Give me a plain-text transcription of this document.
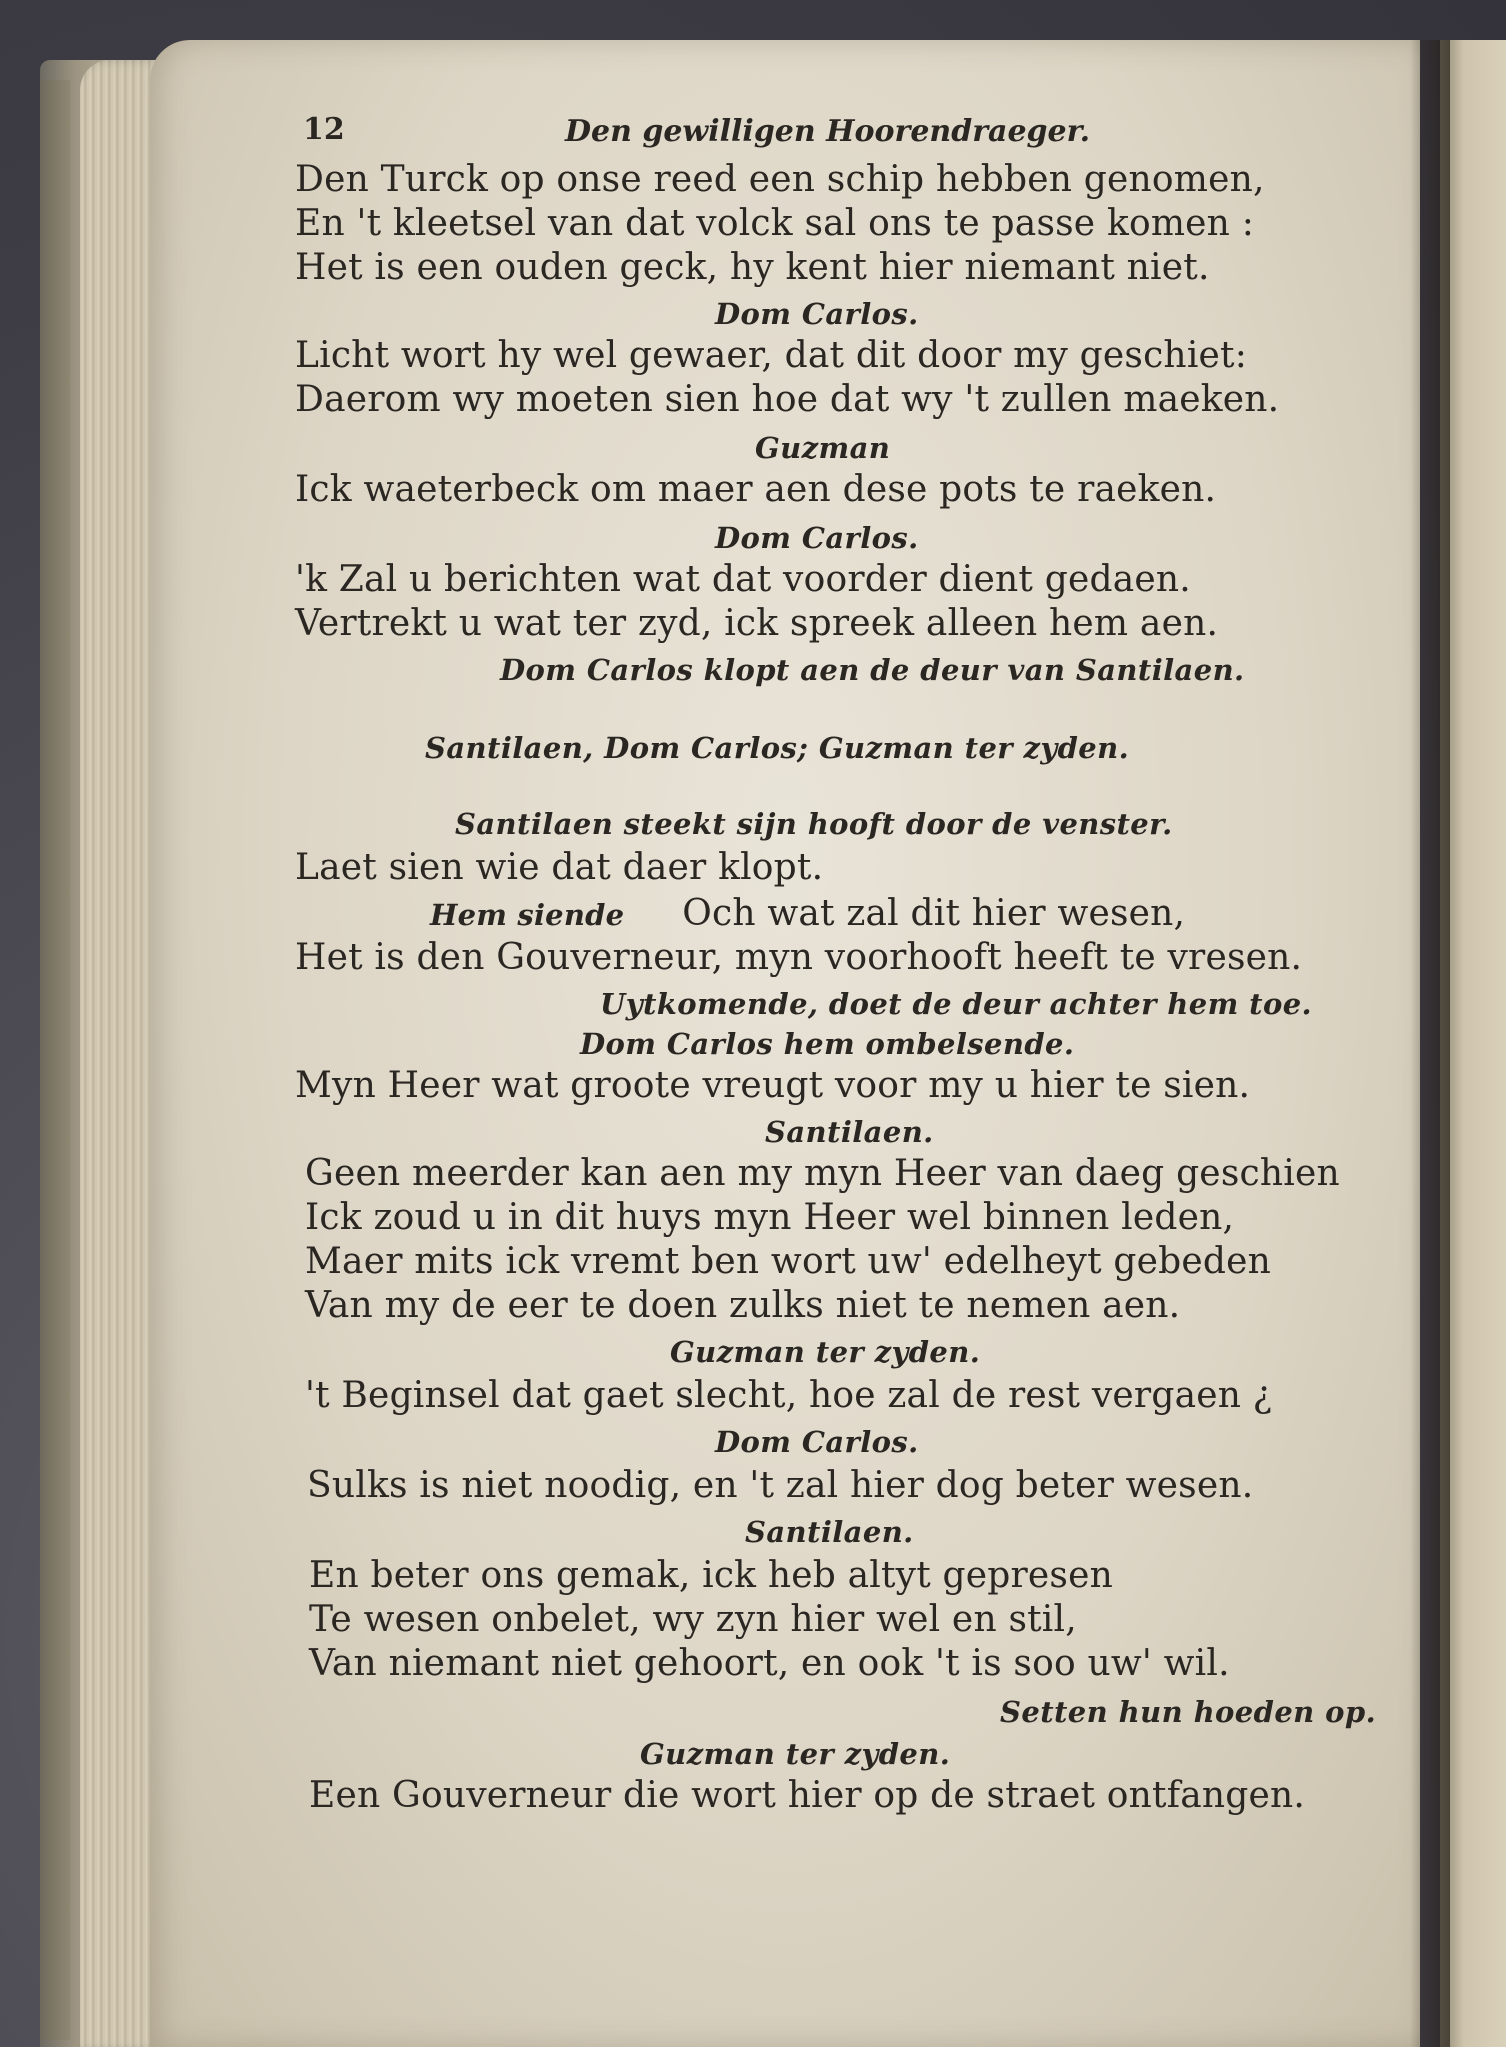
12	Den gewilligen Hoorendraeger.
Den Turck op onse reed een schip hebben genomen,
En 't kleetsel van dat volck sal ons te passe komen :
Het is een ouden geck, hy kent hier niemant niet.
Dom Carlos.
Licht wort hy wel gewaer, dat dit door my geschiet:
Daerom wy moeten sien hoe dat wy 't zullen maeken.
Guzman
Ick waeterbeck om maer aen dese pots te raeken.
Dom Carlos.
'k Zal u berichten wat dat voorder dient gedaen.
Vertrekt u wat ter zyd, ick spreek alleen hem aen.
Dom Carlos klopt aen de deur van Santilaen.
Santilaen, Dom Carlos; Guzman ter zyden.
Santilaen steekt sijn hooft door de venster.
Laet sien wie dat daer klopt.
Hem siende Och wat zal dit hier wesen,
Het is den Gouverneur, myn voorhooft heeft te vresen.
Uytkomende, doet de deur achter hem toe.
Dom Carlos hem ombelsende.
Myn Heer wat groote vreugt voor my u hier te sien.
Santilaen.
Geen meerder kan aen my myn Heer van daeg geschien
Ick zoud u in dit huys myn Heer wel binnen leden,
Maer mits ick vremt ben wort uw' edelheyt gebeden
Van my de eer te doen zulks niet te nemen aen.
Guzman ter zyden.
't Beginsel dat gaet slecht, hoe zal de rest vergaen ¿
Dom Carlos.
Sulks is niet noodig, en 't zal hier dog beter wesen.
Santilaen.
En beter ons gemak, ick heb altyt gepresen
Te wesen onbelet, wy zyn hier wel en stil,
Van niemant niet gehoort, en ook 't is soo uw' wil.
Setten hun hoeden op.
Guzman ter zyden.
Een Gouverneur die wort hier op de straet ontfangen.
